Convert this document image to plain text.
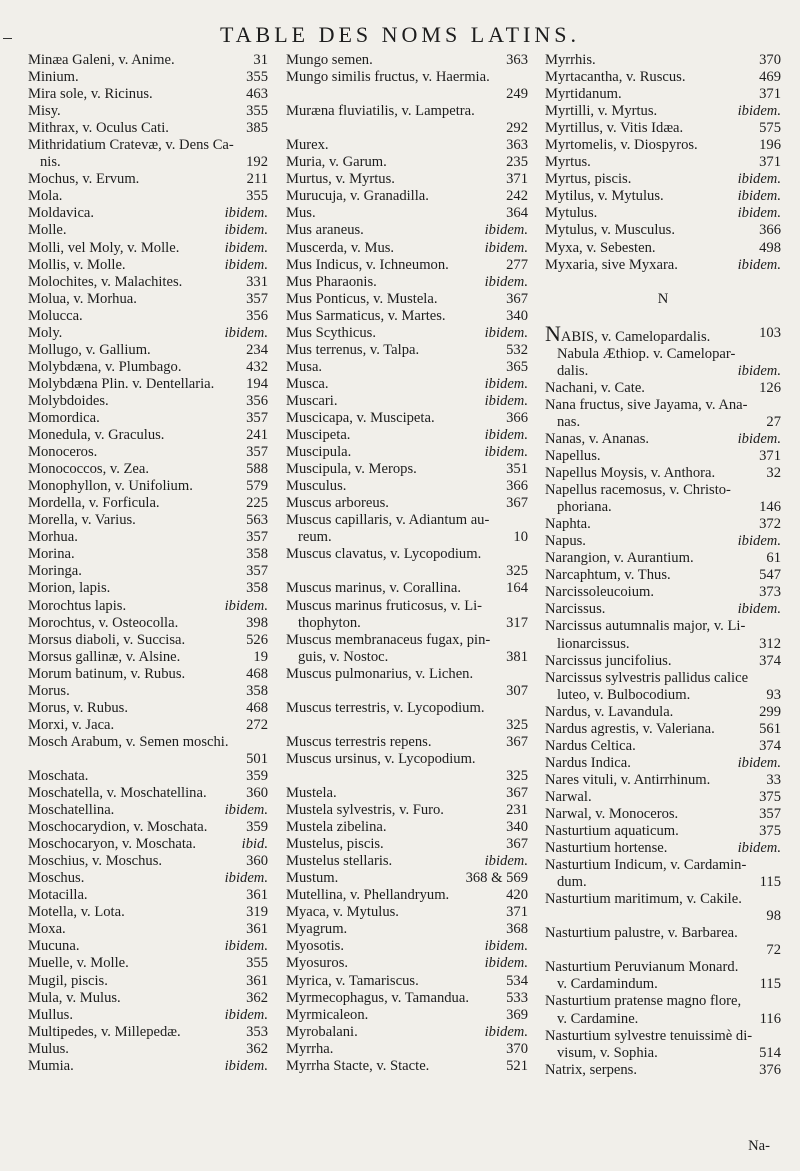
TABLE DES NOMS LATINS.
Minæa Galeni, v. Anime.	31
Minium.	355
Mira sole, v. Ricinus.	463
Misy.	355
Mithrax, v. Oculus Cati.	385
Mithridatium Cratevæ, v. Dens Ca-
nis.	192
Mochus, v. Ervum.	211
Mola.	355
Moldavica.	ibidem.
Molle.	ibidem.
Molli, vel Moly, v. Molle.	ibidem.
Mollis, v. Molle.	ibidem.
Molochites, v. Malachites.	331
Molua, v. Morhua.	357
Molucca.	356
Moly.	ibidem.
Mollugo, v. Gallium.	234
Molybdæna, v. Plumbago.	432
Molybdæna Plin. v. Dentellaria. 194
Molybdoides.	356
Momordica.	357
Monedula, v. Graculus.	241
Monoceros.	357
Monococcos, v. Zea.	588
Monophyllon, v. Unifolium.	579
Mordella, v. Forficula.	225
Morella, v. Varius.	563
Morhua.	357
Morina.	358
Moringa.	357
Morion, lapis.	358
Morochtus lapis.	ibidem.
Morochtus, v. Osteocolla.	398
Morsus diaboli, v. Succisa.	526
Morsus gallinæ, v. Alsine.	19
Morum batinum, v. Rubus.	468
Morus.	358
Morus, v. Rubus.	468
Morxi, v. Jaca.	272
Mosch Arabum, v. Semen moschi.
501
Moschata.	359
Moschatella, v. Moschatellina.	360
Moschatellina.	ibidem.
Moschocarydion, v. Moschata.	359
Moschocaryon, v. Moschata.	ibid.
Moschius, v. Moschus.	360
Moschus.	ibidem.
Motacilla.	361
Motella, v. Lota.	319
Moxa.	361
Mucuna.	ibidem.
Muelle, v. Molle.	355
Mugil, piscis.	361
Mula, v. Mulus.	362
Mullus.	ibidem.
Multipedes, v. Millepedæ.	353
Mulus.	362
Mumia.	ibidem.
Mungo semen.	363
Mungo similis fructus, v. Haermia.
249
Muræna fluviatilis, v. Lampetra.
292
Murex.	363
Muria, v. Garum.	235
Murtus, v. Myrtus.	371
Murucuja, v. Granadilla.	242
Mus.	364
Mus araneus.	ibidem.
Muscerda, v. Mus.	ibidem.
Mus Indicus, v. Ichneumon.	277
Mus Pharaonis.	ibidem.
Mus Ponticus, v. Mustela.	367
Mus Sarmaticus, v. Martes.	340
Mus Scythicus.	ibidem.
Mus terrenus, v. Talpa.	532
Musa.	365
Musca.	ibidem.
Muscari.	ibidem.
Muscicapa, v. Muscipeta.	366
Muscipeta.	ibidem.
Muscipula.	ibidem.
Muscipula, v. Merops.	351
Musculus.	366
Muscus arboreus.	367
Muscus capillaris, v. Adiantum au-
reum.	10
Muscus clavatus, v. Lycopodium.
325
Muscus marinus, v. Corallina.	164
Muscus marinus fruticosus, v. Li-
thophyton.	317
Muscus membranaceus fugax, pin-
guis, v. Nostoc.	381
Muscus pulmonarius, v. Lichen.
307
Muscus terrestris, v. Lycopodium.
325
Muscus terrestris repens.	367
Muscus ursinus, v. Lycopodium.
325
Mustela.	367
Mustela sylvestris, v. Furo.	231
Mustela zibelina.	340
Mustelus, piscis.	367
Mustelus stellaris.	ibidem.
Mustum.	368 & 569
Mutellina, v. Phellandryum.	420
Myaca, v. Mytulus.	371
Myagrum.	368
Myosotis.	ibidem.
Myosuros.	ibidem.
Myrica, v. Tamariscus.	534
Myrmecophagus, v. Tamandua.	533
Myrmicaleon.	369
Myrobalani.	ibidem.
Myrrha.	370
Myrrha Stacte, v. Stacte.	521
Myrrhis.	370
Myrtacantha, v. Ruscus.	469
Myrtidanum.	371
Myrtilli, v. Myrtus.	ibidem.
Myrtillus, v. Vitis Idæa.	575
Myrtomelis, v. Diospyros.	196
Myrtus.	371
Myrtus, piscis.	ibidem.
Mytilus, v. Mytulus.	ibidem.
Mytulus.	ibidem.
Mytulus, v. Musculus.	366
Myxa, v. Sebesten.	498
Myxaria, sive Myxara.	ibidem.
N
NABIS, v. Camelopardalis.	103
Nabula Æthiop. v. Camelopar-
dalis.	ibidem.
Nachani, v. Cate.	126
Nana fructus, sive Jayama, v. Ana-
nas.	27
Nanas, v. Ananas.	ibidem.
Napellus.	371
Napellus Moysis, v. Anthora.	32
Napellus racemosus, v. Christo-
phoriana.	146
Naphta.	372
Napus.	ibidem.
Narangion, v. Aurantium.	61
Narcaphtum, v. Thus.	547
Narcissoleucoium.	373
Narcissus.	ibidem.
Narcissus autumnalis major, v. Li-
lionarcissus.	312
Narcissus juncifolius.	374
Narcissus sylvestris pallidus calice
luteo, v. Bulbocodium.	93
Nardus, v. Lavandula.	299
Nardus agrestis, v. Valeriana.	561
Nardus Celtica.	374
Nardus Indica.	ibidem.
Nares vituli, v. Antirrhinum.	33
Narwal.	375
Narwal, v. Monoceros.	357
Nasturtium aquaticum.	375
Nasturtium hortense.	ibidem.
Nasturtium Indicum, v. Cardamin-
dum.	115
Nasturtium maritimum, v. Cakile.
98
Nasturtium palustre, v. Barbarea.
72
Nasturtium Peruvianum Monard.
v. Cardamindum.	115
Nasturtium pratense magno flore,
v. Cardamine.	116
Nasturtium sylvestre tenuissimè di-
visum, v. Sophia.	514
Natrix, serpens.	376
Na-
